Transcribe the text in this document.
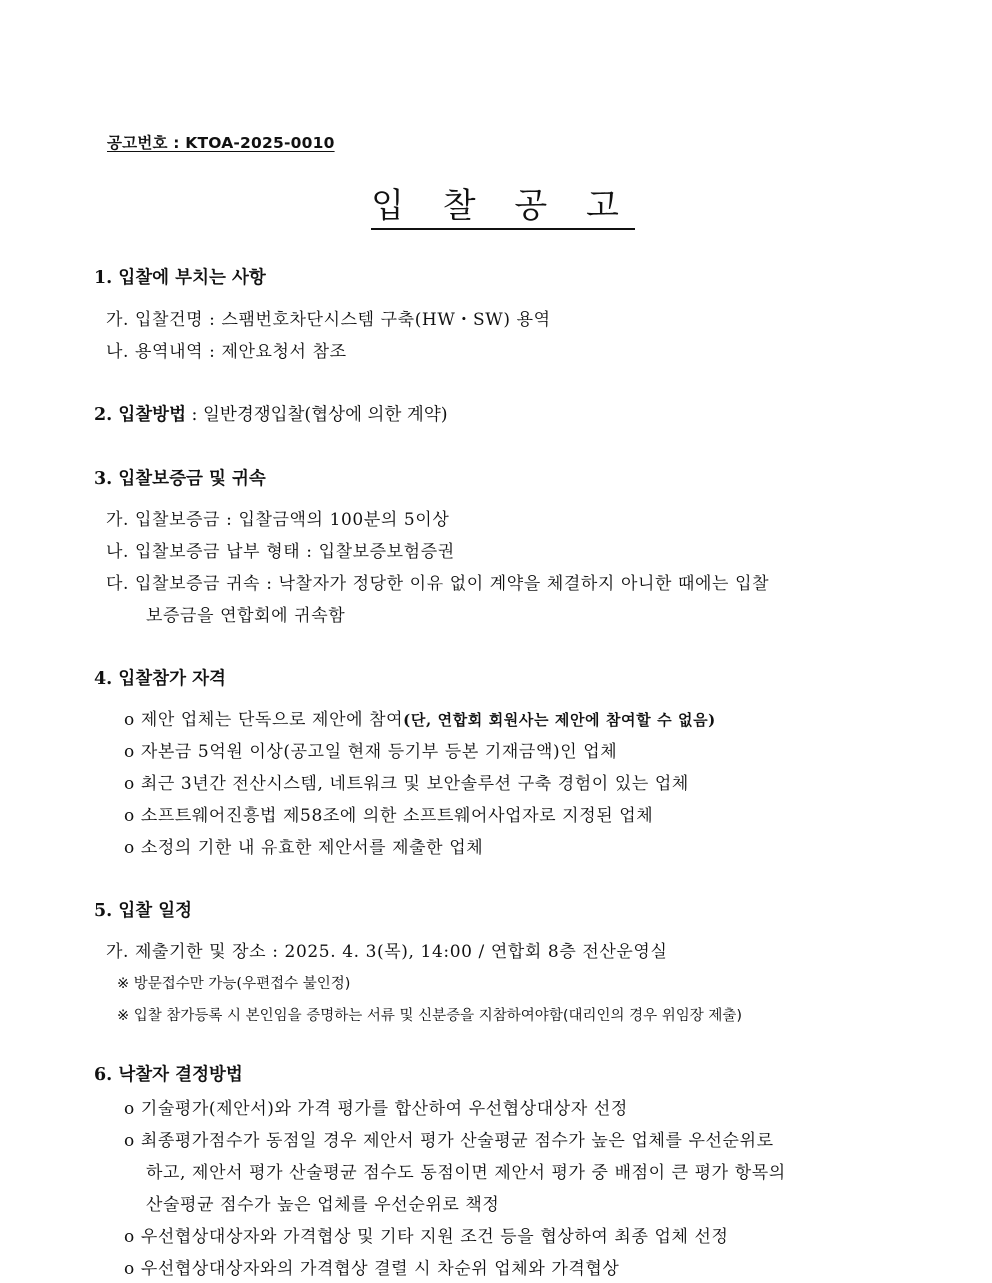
공고번호 : KTOA-2025-0010
입 찰 공 고
1. 입찰에 부치는 사항
가. 입찰건명 : 스팸번호차단시스템 구축(HW・SW) 용역
나. 용역내역 : 제안요청서 참조
2. 입찰방법 : 일반경쟁입찰(협상에 의한 계약)
3. 입찰보증금 및 귀속
가. 입찰보증금 : 입찰금액의 100분의 5이상
나. 입찰보증금 납부 형태 : 입찰보증보험증권
다. 입찰보증금 귀속 : 낙찰자가 정당한 이유 없이 계약을 체결하지 아니한 때에는 입찰
보증금을 연합회에 귀속함
4. 입찰참가 자격
o 제안 업체는 단독으로 제안에 참여(단, 연합회 회원사는 제안에 참여할 수 없음)
o 자본금 5억원 이상(공고일 현재 등기부 등본 기재금액)인 업체
o 최근 3년간 전산시스템, 네트워크 및 보안솔루션 구축 경험이 있는 업체
o 소프트웨어진흥법 제58조에 의한 소프트웨어사업자로 지정된 업체
o 소정의 기한 내 유효한 제안서를 제출한 업체
5. 입찰 일정
가. 제출기한 및 장소 : 2025. 4. 3(목), 14:00 / 연합회 8층 전산운영실
※ 방문접수만 가능(우편접수 불인정)
※ 입찰 참가등록 시 본인임을 증명하는 서류 및 신분증을 지참하여야함(대리인의 경우 위임장 제출)
6. 낙찰자 결정방법
o 기술평가(제안서)와 가격 평가를 합산하여 우선협상대상자 선정
o 최종평가점수가 동점일 경우 제안서 평가 산술평균 점수가 높은 업체를 우선순위로
하고, 제안서 평가 산술평균 점수도 동점이면 제안서 평가 중 배점이 큰 평가 항목의
산술평균 점수가 높은 업체를 우선순위로 책정
o 우선협상대상자와 가격협상 및 기타 지원 조건 등을 협상하여 최종 업체 선정
o 우선협상대상자와의 가격협상 결렬 시 차순위 업체와 가격협상
